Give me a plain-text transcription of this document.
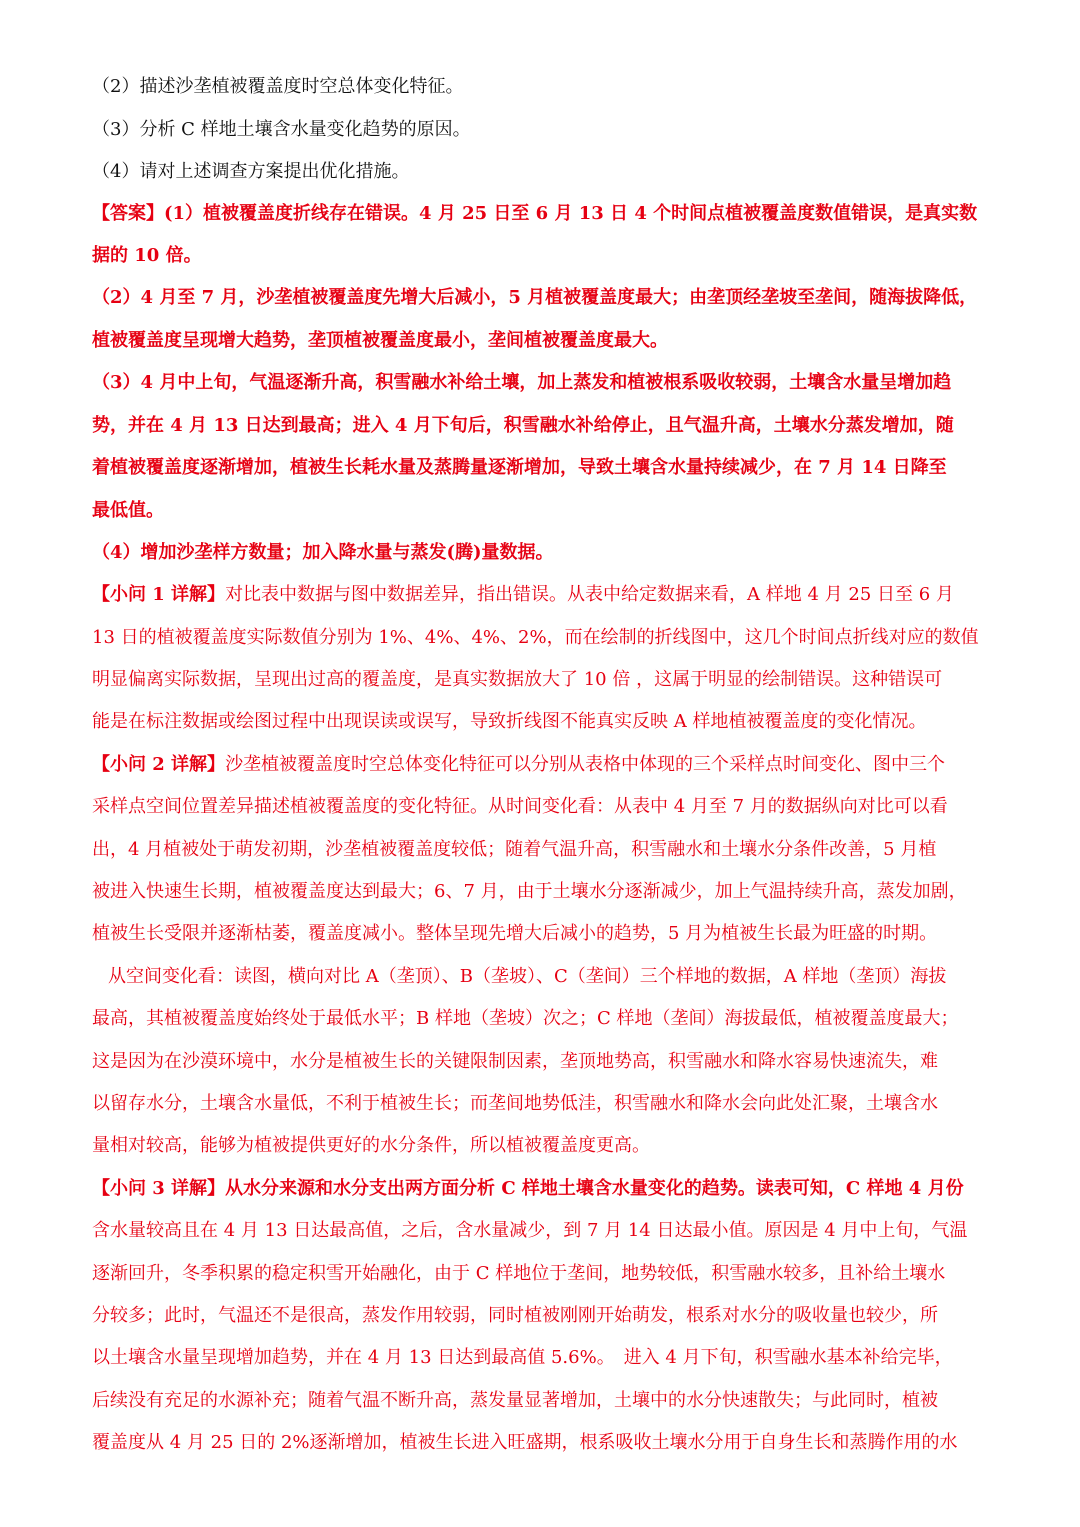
（2）描述沙垄植被覆盖度时空总体变化特征。
（3）分析 C 样地土壤含水量变化趋势的原因。
（4）请对上述调查方案提出优化措施。
【答案】(1）植被覆盖度折线存在错误。4 月 25 日至 6 月 13 日 4 个时间点植被覆盖度数值错误，是真实数
据的 10 倍。
（2）4 月至 7 月，沙垄植被覆盖度先增大后减小，5 月植被覆盖度最大；由垄顶经垄坡至垄间，随海拔降低，
植被覆盖度呈现增大趋势，垄顶植被覆盖度最小，垄间植被覆盖度最大。
（3）4 月中上旬，气温逐渐升高，积雪融水补给土壤，加上蒸发和植被根系吸收较弱，土壤含水量呈增加趋
势，并在 4 月 13 日达到最高；进入 4 月下旬后，积雪融水补给停止，且气温升高，土壤水分蒸发增加，随
着植被覆盖度逐渐增加，植被生长耗水量及蒸腾量逐渐增加，导致土壤含水量持续减少，在 7 月 14 日降至
最低值。
（4）增加沙垄样方数量；加入降水量与蒸发(腾)量数据。
【小问 1 详解】对比表中数据与图中数据差异，指出错误。从表中给定数据来看，A 样地 4 月 25 日至 6 月
13 日的植被覆盖度实际数值分别为 1%、4%、4%、2%，而在绘制的折线图中，这几个时间点折线对应的数值
明显偏离实际数据，呈现出过高的覆盖度，是真实数据放大了 10 倍 ，这属于明显的绘制错误。这种错误可
能是在标注数据或绘图过程中出现误读或误写，导致折线图不能真实反映 A 样地植被覆盖度的变化情况。
【小问 2 详解】沙垄植被覆盖度时空总体变化特征可以分别从表格中体现的三个采样点时间变化、图中三个
采样点空间位置差异描述植被覆盖度的变化特征。从时间变化看：从表中 4 月至 7 月的数据纵向对比可以看
出，4 月植被处于萌发初期，沙垄植被覆盖度较低；随着气温升高，积雪融水和土壤水分条件改善，5 月植
被进入快速生长期，植被覆盖度达到最大；6、7 月，由于土壤水分逐渐减少，加上气温持续升高，蒸发加剧，
植被生长受限并逐渐枯萎，覆盖度减小。整体呈现先增大后减小的趋势，5 月为植被生长最为旺盛的时期。
从空间变化看：读图，横向对比 A（垄顶）、B（垄坡）、C（垄间）三个样地的数据，A 样地（垄顶）海拔
最高，其植被覆盖度始终处于最低水平；B 样地（垄坡）次之；C 样地（垄间）海拔最低，植被覆盖度最大；
这是因为在沙漠环境中，水分是植被生长的关键限制因素，垄顶地势高，积雪融水和降水容易快速流失，难
以留存水分，土壤含水量低，不利于植被生长；而垄间地势低洼，积雪融水和降水会向此处汇聚，土壤含水
量相对较高，能够为植被提供更好的水分条件，所以植被覆盖度更高。
【小问 3 详解】从水分来源和水分支出两方面分析 C 样地土壤含水量变化的趋势。读表可知，C 样地 4 月份
含水量较高且在 4 月 13 日达最高值，之后，含水量减少，到 7 月 14 日达最小值。原因是 4 月中上旬，气温
逐渐回升，冬季积累的稳定积雪开始融化，由于 C 样地位于垄间，地势较低，积雪融水较多，且补给土壤水
分较多；此时，气温还不是很高，蒸发作用较弱，同时植被刚刚开始萌发，根系对水分的吸收量也较少，所
以土壤含水量呈现增加趋势，并在 4 月 13 日达到最高值 5.6%。　进入 4 月下旬，积雪融水基本补给完毕，
后续没有充足的水源补充；随着气温不断升高，蒸发量显著增加，土壤中的水分快速散失；与此同时，植被
覆盖度从 4 月 25 日的 2%逐渐增加，植被生长进入旺盛期，根系吸收土壤水分用于自身生长和蒸腾作用的水
